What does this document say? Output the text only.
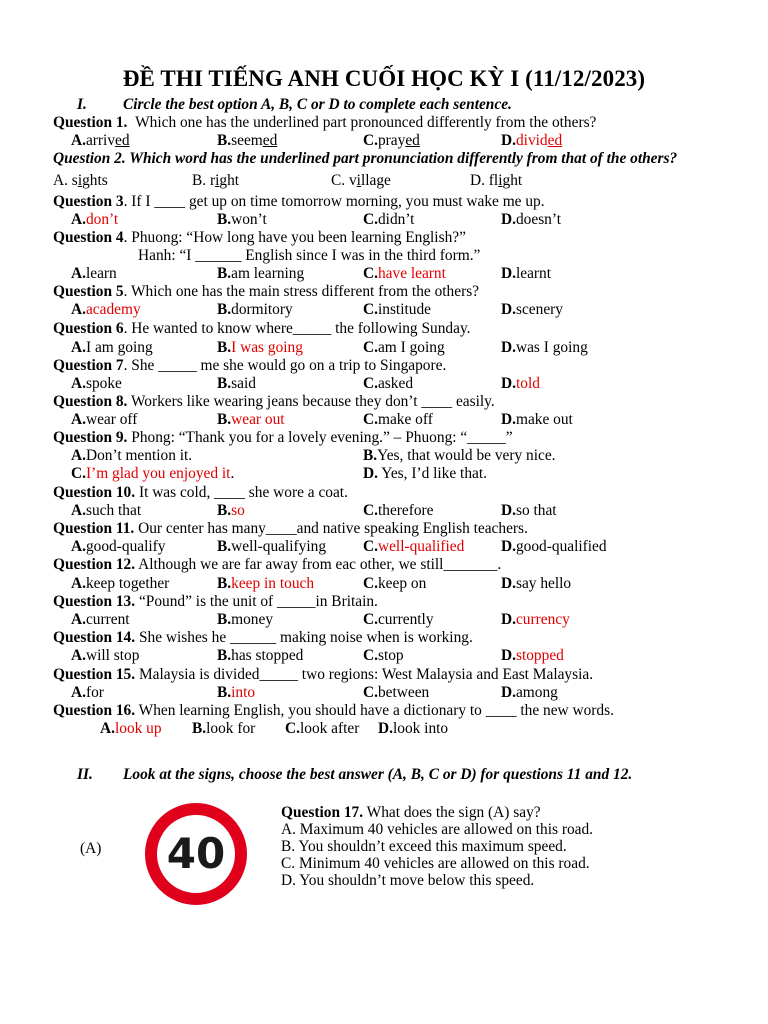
ĐỀ THI TIẾNG ANH CUỐI HỌC KỲ I (11/12/2023)
I. Circle the best option A, B, C or D to complete each sentence.
Question 1. Which one has the underlined part pronounced differently from the others?
A.arrived	B.seemed	C.prayed	D.divided
Question 2. Which word has the underlined part pronunciation differently from that of the others?
A. sights	B. right	C. village	D. flight
Question 3. If I ____ get up on time tomorrow morning, you must wake me up.
A.don’t	B.won’t	C.didn’t	D.doesn’t
Question 4. Phuong: “How long have you been learning English?”
Hanh: “I ______ English since I was in the third form.”
A.learn	B.am learning	C.have learnt	D.learnt
Question 5. Which one has the main stress different from the others?
A.academy	B.dormitory	C.institude	D.scenery
Question 6. He wanted to know where_____ the following Sunday.
A.I am going	B.I was going	C.am I going	D.was I going
Question 7. She _____ me she would go on a trip to Singapore.
A.spoke	B.said	C.asked	D.told
Question 8. Workers like wearing jeans because they don’t ____ easily.
A.wear off	B.wear out	C.make off	D.make out
Question 9. Phong: “Thank you for a lovely evening.” – Phuong: “_____”
A.Don’t mention it.	B.Yes, that would be very nice.
C.I’m glad you enjoyed it.	D. Yes, I’d like that.
Question 10. It was cold, ____ she wore a coat.
A.such that	B.so	C.therefore	D.so that
Question 11. Our center has many____and native speaking English teachers.
A.good-qualify	B.well-qualifying C.well-qualified D.good-qualified
Question 12. Although we are far away from eac other, we still_______.
A.keep together	B.keep in touch	C.keep on	D.say hello
Question 13. “Pound” is the unit of _____in Britain.
A.current	B.money	C.currently	D.currency
Question 14. She wishes he ______ making noise when is working.
A.will stop	B.has stopped	C.stop	D.stopped
Question 15. Malaysia is divided_____ two regions: West Malaysia and East Malaysia.
A.for	B.into	C.between	D.among
Question 16. When learning English, you should have a dictionary to ____ the new words.
A.look up B.look for C.look after D.look into
II. Look at the signs, choose the best answer (A, B, C or D) for questions 11 and 12.
(A) 40
Question 17. What does the sign (A) say?
A. Maximum 40 vehicles are allowed on this road.
B. You shouldn’t exceed this maximum speed.
C. Minimum 40 vehicles are allowed on this road.
D. You shouldn’t move below this speed.
